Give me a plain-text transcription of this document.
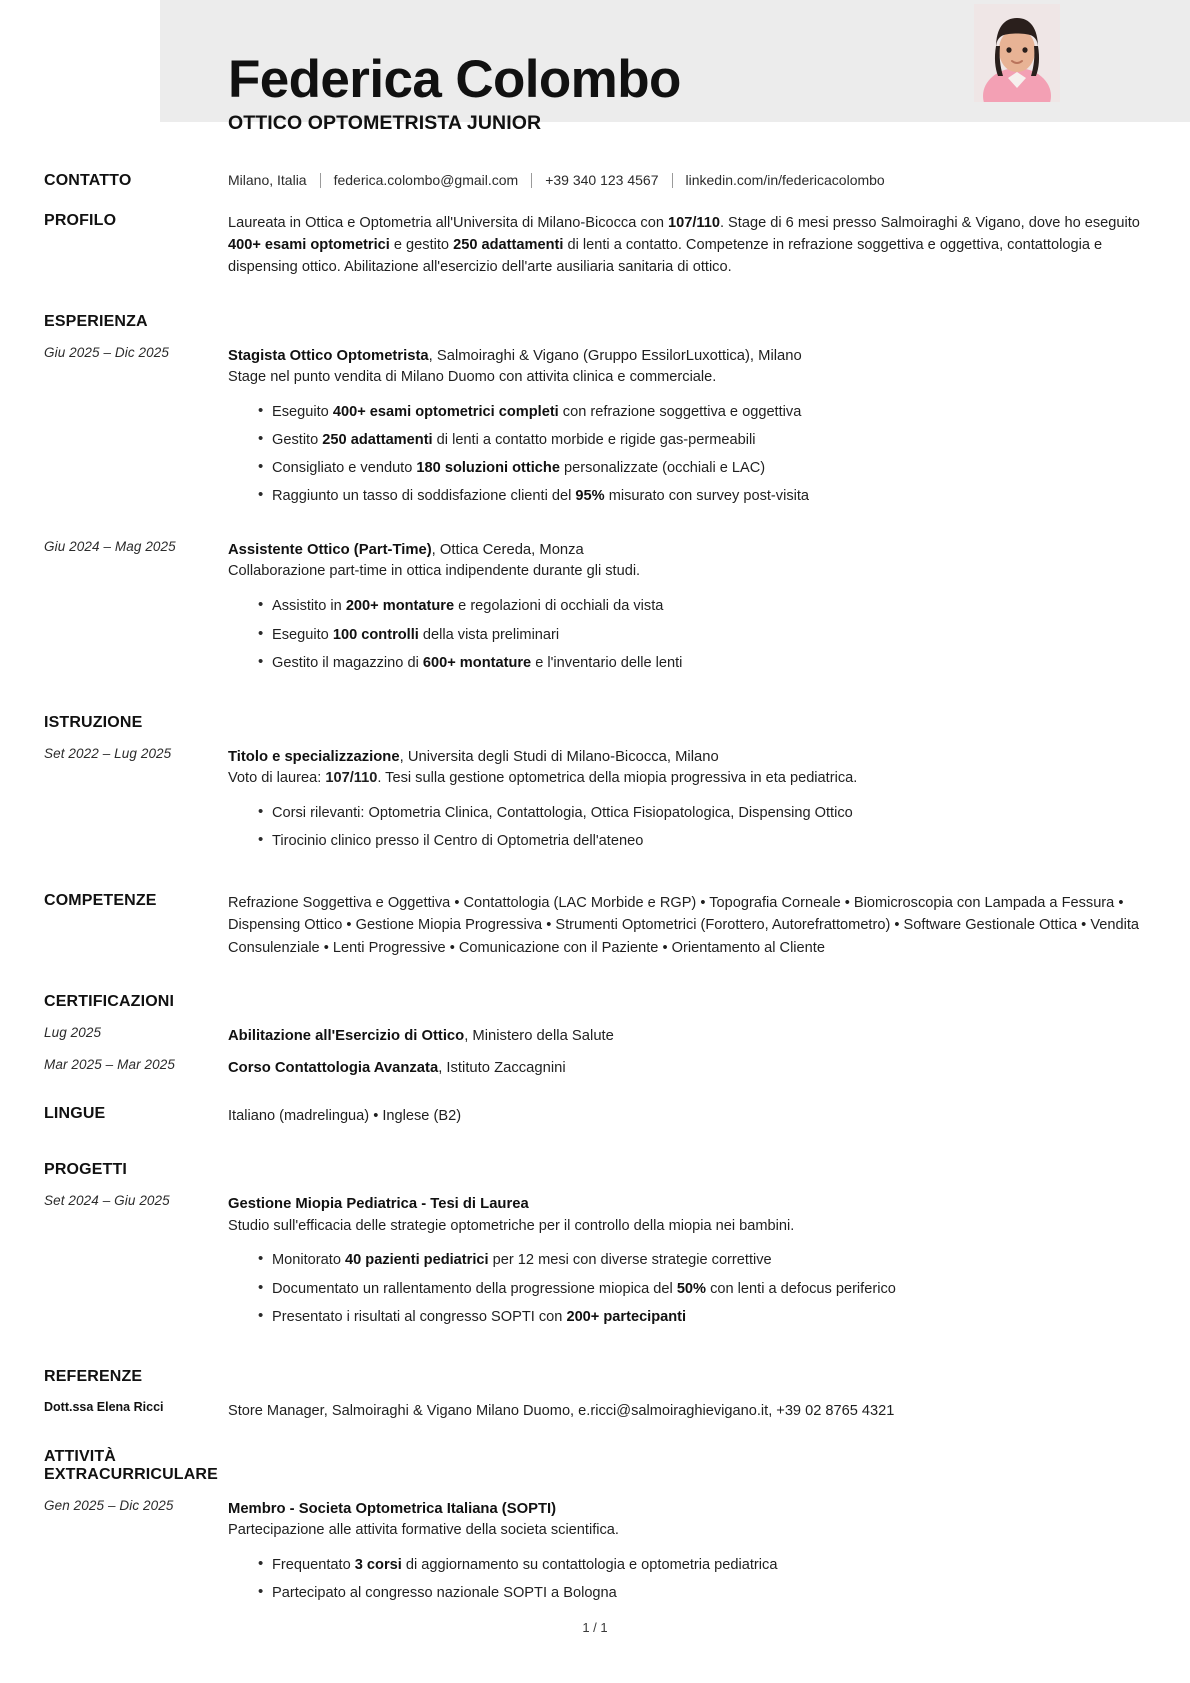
Federica Colombo
OTTICO OPTOMETRISTA JUNIOR
CONTATTO	Milano, Italia federica.colombo@gmail.com +39 340 123 4567 linkedin.com/in/federicacolombo
PROFILO	Laureata in Ottica e Optometria all'Universita di Milano-Bicocca con 107/110. Stage di 6 mesi presso Salmoiraghi & Vigano, dove ho eseguito 400+ esami optometrici e gestito 250 adattamenti di lenti a contatto. Competenze in refrazione soggettiva e oggettiva, contattologia e dispensing ottico. Abilitazione all'esercizio dell'arte ausiliaria sanitaria di ottico.
ESPERIENZA
Giu 2025 – Dic 2025	Stagista Ottico Optometrista, Salmoiraghi & Vigano (Gruppo EssilorLuxottica), Milano
Stage nel punto vendita di Milano Duomo con attivita clinica e commerciale.
• Eseguito 400+ esami optometrici completi con refrazione soggettiva e oggettiva
• Gestito 250 adattamenti di lenti a contatto morbide e rigide gas-permeabili
• Consigliato e venduto 180 soluzioni ottiche personalizzate (occhiali e LAC)
• Raggiunto un tasso di soddisfazione clienti del 95% misurato con survey post-visita
Giu 2024 – Mag 2025	Assistente Ottico (Part-Time), Ottica Cereda, Monza
Collaborazione part-time in ottica indipendente durante gli studi.
• Assistito in 200+ montature e regolazioni di occhiali da vista
• Eseguito 100 controlli della vista preliminari
• Gestito il magazzino di 600+ montature e l'inventario delle lenti
ISTRUZIONE
Set 2022 – Lug 2025	Titolo e specializzazione, Universita degli Studi di Milano-Bicocca, Milano
Voto di laurea: 107/110. Tesi sulla gestione optometrica della miopia progressiva in eta pediatrica.
• Corsi rilevanti: Optometria Clinica, Contattologia, Ottica Fisiopatologica, Dispensing Ottico
• Tirocinio clinico presso il Centro di Optometria dell'ateneo
COMPETENZE	Refrazione Soggettiva e Oggettiva • Contattologia (LAC Morbide e RGP) • Topografia Corneale • Biomicroscopia con Lampada a Fessura • Dispensing Ottico • Gestione Miopia Progressiva • Strumenti Optometrici (Forottero, Autorefrattometro) • Software Gestionale Ottica • Vendita Consulenziale • Lenti Progressive • Comunicazione con il Paziente • Orientamento al Cliente
CERTIFICAZIONI
Lug 2025	Abilitazione all'Esercizio di Ottico, Ministero della Salute
Mar 2025 – Mar 2025	Corso Contattologia Avanzata, Istituto Zaccagnini
LINGUE	Italiano (madrelingua) • Inglese (B2)
PROGETTI
Set 2024 – Giu 2025	Gestione Miopia Pediatrica - Tesi di Laurea
Studio sull'efficacia delle strategie optometriche per il controllo della miopia nei bambini.
• Monitorato 40 pazienti pediatrici per 12 mesi con diverse strategie correttive
• Documentato un rallentamento della progressione miopica del 50% con lenti a defocus periferico
• Presentato i risultati al congresso SOPTI con 200+ partecipanti
REFERENZE
Dott.ssa Elena Ricci	Store Manager, Salmoiraghi & Vigano Milano Duomo, e.ricci@salmoiraghievigano.it, +39 02 8765 4321
ATTIVITÀ EXTRACURRICULARE
Gen 2025 – Dic 2025	Membro - Societa Optometrica Italiana (SOPTI)
Partecipazione alle attivita formative della societa scientifica.
• Frequentato 3 corsi di aggiornamento su contattologia e optometria pediatrica
• Partecipato al congresso nazionale SOPTI a Bologna
1 / 1
